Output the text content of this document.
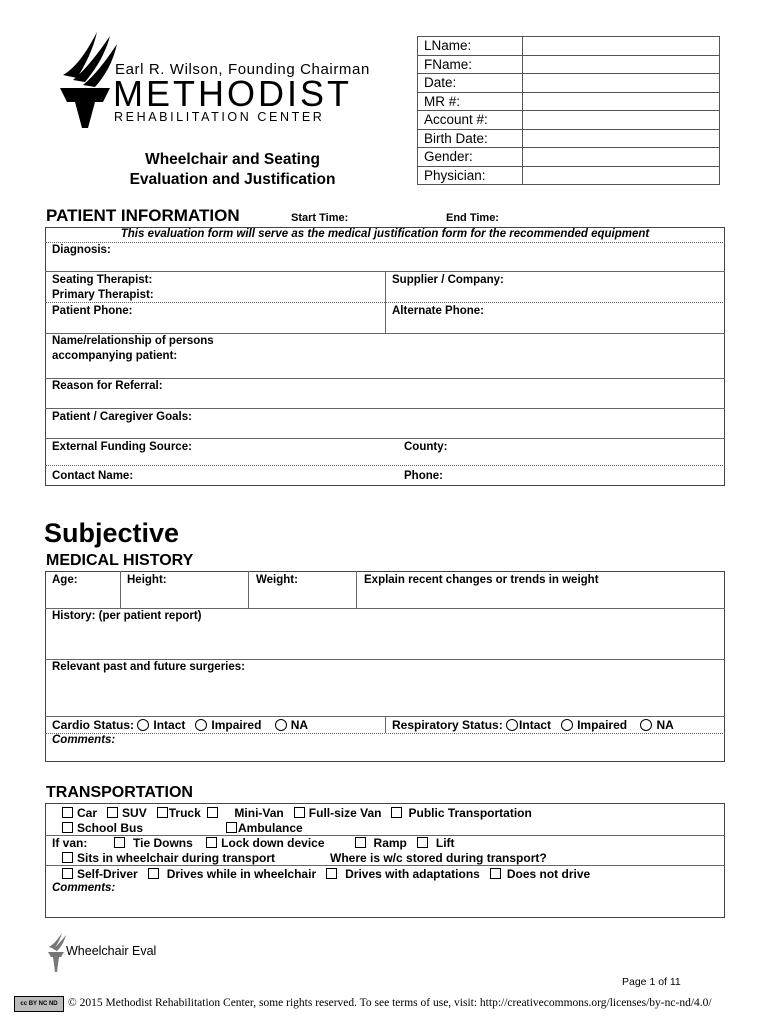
Earl R. Wilson, Founding Chairman
METHODIST
REHABILITATION CENTER
Wheelchair and Seating
Evaluation and Justification
LName:	
FName:	
Date:	
MR #:	
Account #:	
Birth Date:	
Gender:	
Physician:	
PATIENT INFORMATION	Start Time:	End Time:
This evaluation form will serve as the medical justification form for the recommended equipment
Diagnosis:
Seating Therapist:
Primary Therapist:
Supplier / Company:
Patient Phone:	Alternate Phone:
Name/relationship of persons
accompanying patient:
Reason for Referral:
Patient / Caregiver Goals:
External Funding Source:	County:
Contact Name:	Phone:
Subjective
MEDICAL HISTORY
Age:	Height:	Weight:	Explain recent changes or trends in weight
History: (per patient report)
Relevant past and future surgeries:
Cardio Status: Intact Impaired NA	Respiratory Status: Intact Impaired NA
Comments:
TRANSPORTATION
Car SUV Truck	Mini-Van Full-size Van Public Transportation
School Bus	Ambulance
If van:	Tie Downs Lock down device	Ramp Lift
Sits in wheelchair during transport	Where is w/c stored during transport?
Self-Driver Drives while in wheelchair Drives with adaptations Does not drive
Comments:
Wheelchair Eval
Page 1 of 11
cc BY NC ND © 2015 Methodist Rehabilitation Center, some rights reserved. To see terms of use, visit: http://creativecommons.org/licenses/by-nc-nd/4.0/
